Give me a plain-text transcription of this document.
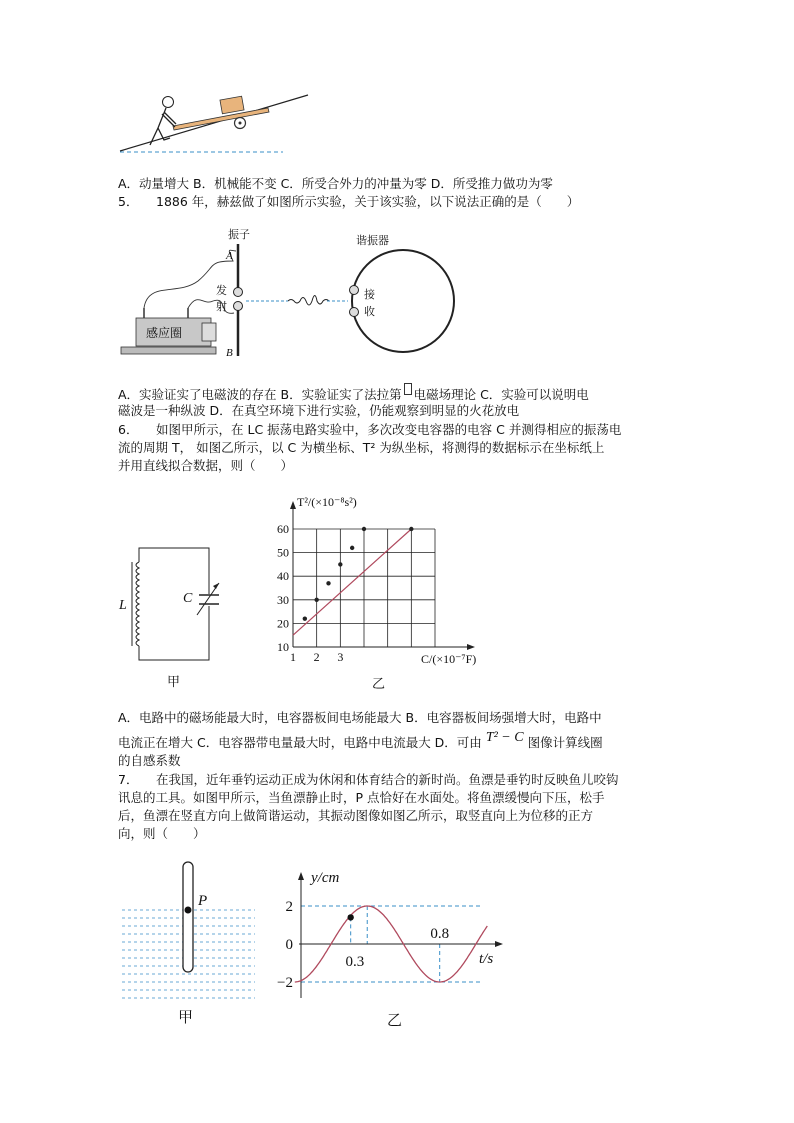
A．动量增大 B．机械能不变 C．所受合外力的冲量为零 D．所受推力做功为零
5． 1886 年，赫兹做了如图所示实验，关于该实验，以下说法正确的是（　　）
感应圈
振子
A
B
发
射
谐振器
接
收
A．实验证实了电磁波的存在 B．实验证实了法拉第 电磁场理论 C．实验可以说明电
磁波是一种纵波 D．在真空环境下进行实验，仍能观察到明显的火花放电
6． 如图甲所示，在 LC 振荡电路实验中，多次改变电容器的电容 C 并测得相应的振荡电
流的周期 T， 如图乙所示，以 C 为横坐标、T² 为纵坐标，将测得的数据标示在坐标纸上
并用直线拟合数据，则（　　）
L	C
甲
10
20
30
40
50
60
1 2 3
T²/(×10⁻⁸s²)
C/(×10⁻⁷F)
乙
A．电路中的磁场能最大时，电容器板间电场能最大 B．电容器板间场强增大时，电路中
电流正在增大 C．电容器带电量最大时，电路中电流最大 D．可由 T² − C 图像计算线圈
的自感系数
7． 在我国，近年垂钓运动正成为休闲和体育结合的新时尚。鱼漂是垂钓时反映鱼儿咬钩
讯息的工具。如图甲所示，当鱼漂静止时，P 点恰好在水面处。将鱼漂缓慢向下压，松手
后，鱼漂在竖直方向上做简谐运动，其振动图像如图乙所示，取竖直向上为位移的正方
向，则（　　）
P
甲
2
0
−2
0.3
0.8
y/cm
t/s
乙
